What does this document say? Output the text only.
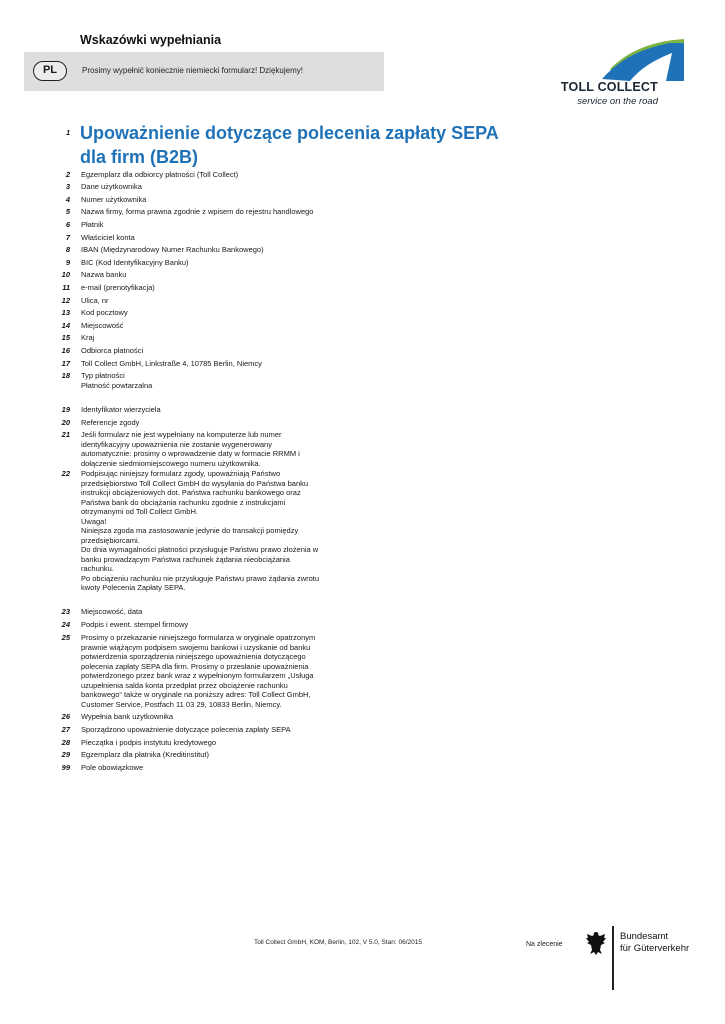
Wskazówki wypełniania
PL	Prosimy wypełnić koniecznie niemiecki formularz! Dziękujemy!
TOLL COLLECT
service on the road
1 Upoważnienie dotyczące polecenia zapłaty SEPA dla firm (B2B)
2 Egzemplarz dla odbiorcy płatności (Toll Collect)
3 Dane użytkownika
4 Numer użytkownika
5 Nazwa firmy, forma prawna zgodnie z wpisem do rejestru handlowego
6 Płatnik
7 Właściciel konta
8 IBAN (Międzynarodowy Numer Rachunku Bankowego)
9 BIC (Kod Identyfikacyjny Banku)
10 Nazwa banku
11 e-mail (prenotyfikacja)
12 Ulica, nr
13 Kod pocztowy
14 Miejscowość
15 Kraj
16 Odbiorca płatności
17 Toll Collect GmbH, Linkstraße 4, 10785 Berlin, Niemcy
18 Typ płatności
Płatność powtarzalna
19 Identyfikator wierzyciela
20 Referencje zgody
21 Jeśli formularz nie jest wypełniany na komputerze lub numer
identyfikacyjny upoważnienia nie zostanie wygenerowany
automatycznie: prosimy o wprowadzenie daty w formacie RRMM i
dołączenie siedmiomiejscowego numeru użytkownika.
22 Podpisując niniejszy formularz zgody, upoważniają Państwo
przedsiębiorstwo Toll Collect GmbH do wysyłania do Państwa banku
instrukcji obciążeniowych dot. Państwa rachunku bankowego oraz
Państwa bank do obciążania rachunku zgodnie z instrukcjami
otrzymanymi od Toll Collect GmbH.
Uwaga!
Niniejsza zgoda ma zastosowanie jedynie do transakcji pomiędzy
przedsiębiorcami.
Do dnia wymagalności płatności przysługuje Państwu prawo złożenia w
banku prowadzącym Państwa rachunek żądania nieobciążania
rachunku.
Po obciążeniu rachunku nie przysługuje Państwu prawo żądania zwrotu
kwoty Polecenia Zapłaty SEPA.
23 Miejscowość, data
24 Podpis i ewent. stempel firmowy
25 Prosimy o przekazanie niniejszego formularza w oryginale opatrzonym
prawnie wiążącym podpisem swojemu bankowi i uzyskanie od banku
potwierdzenia sporządzenia niniejszego upoważnienia dotyczącego
polecenia zapłaty SEPA dla firm. Prosimy o przesłanie upoważnienia
potwierdzonego przez bank wraz z wypełnionym formularzem „Usługa
uzupełnienia salda konta przedpłat przez obciążenie rachunku
bankowego“ także w oryginale na poniższy adres: Toll Collect GmbH,
Customer Service, Postfach 11 03 29, 10833 Berlin, Niemcy.
26 Wypełnia bank użytkownika
27 Sporządzono upoważnienie dotyczące polecenia zapłaty SEPA
28 Pieczątka i podpis instytutu kredytowego
29 Egzemplarz dla płatnika (Kreditinstitut)
99 Pole obowiązkowe
Toll Collect GmbH, KOM, Berlin, 102, V 5.0, Stan: 06/2015	Na zlecenie
Bundesamt
für Güterverkehr
